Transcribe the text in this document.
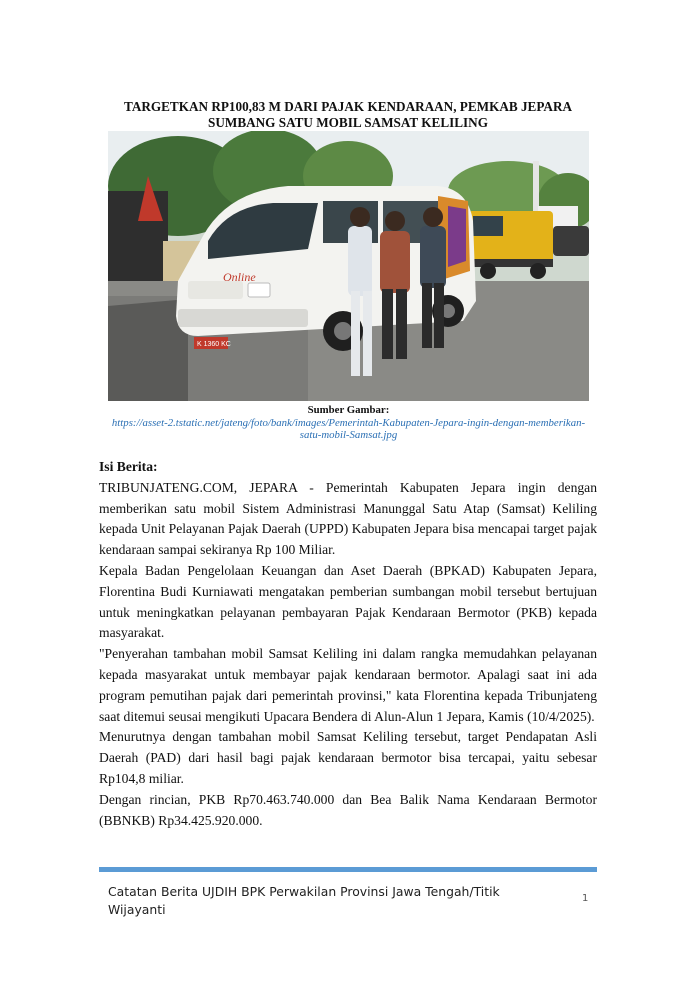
TARGETKAN RP100,83 M DARI PAJAK KENDARAAN, PEMKAB JEPARA SUMBANG SATU MOBIL SAMSAT KELILING
Online
K 1360 KC
Sumber Gambar:
https://asset-2.tstatic.net/jateng/foto/bank/images/Pemerintah-Kabupaten-Jepara-ingin-dengan-memberikan-satu-mobil-Samsat.jpg
Isi Berita:

TRIBUNJATENG.COM, JEPARA - Pemerintah Kabupaten Jepara ingin dengan memberikan satu mobil Sistem Administrasi Manunggal Satu Atap (Samsat) Keliling kepada Unit Pelayanan Pajak Daerah (UPPD) Kabupaten Jepara bisa mencapai target pajak kendaraan sampai sekiranya Rp 100 Miliar.

Kepala Badan Pengelolaan Keuangan dan Aset Daerah (BPKAD) Kabupaten Jepara, Florentina Budi Kurniawati mengatakan pemberian sumbangan mobil tersebut bertujuan untuk meningkatkan pelayanan pembayaran Pajak Kendaraan Bermotor (PKB) kepada masyarakat.

"Penyerahan tambahan mobil Samsat Keliling ini dalam rangka memudahkan pelayanan kepada masyarakat untuk membayar pajak kendaraan bermotor. Apalagi saat ini ada program pemutihan pajak dari pemerintah provinsi," kata Florentina kepada Tribunjateng saat ditemui seusai mengikuti Upacara Bendera di Alun-Alun 1 Jepara, Kamis (10/4/2025).

Menurutnya dengan tambahan mobil Samsat Keliling tersebut, target Pendapatan Asli Daerah (PAD) dari hasil bagi pajak kendaraan bermotor bisa tercapai, yaitu sebesar Rp104,8 miliar.

Dengan rincian, PKB Rp70.463.740.000 dan Bea Balik Nama Kendaraan Bermotor (BBNKB) Rp34.425.920.000.

Catatan Berita UJDIH BPK Perwakilan Provinsi Jawa Tengah/Titik Wijayanti
1
